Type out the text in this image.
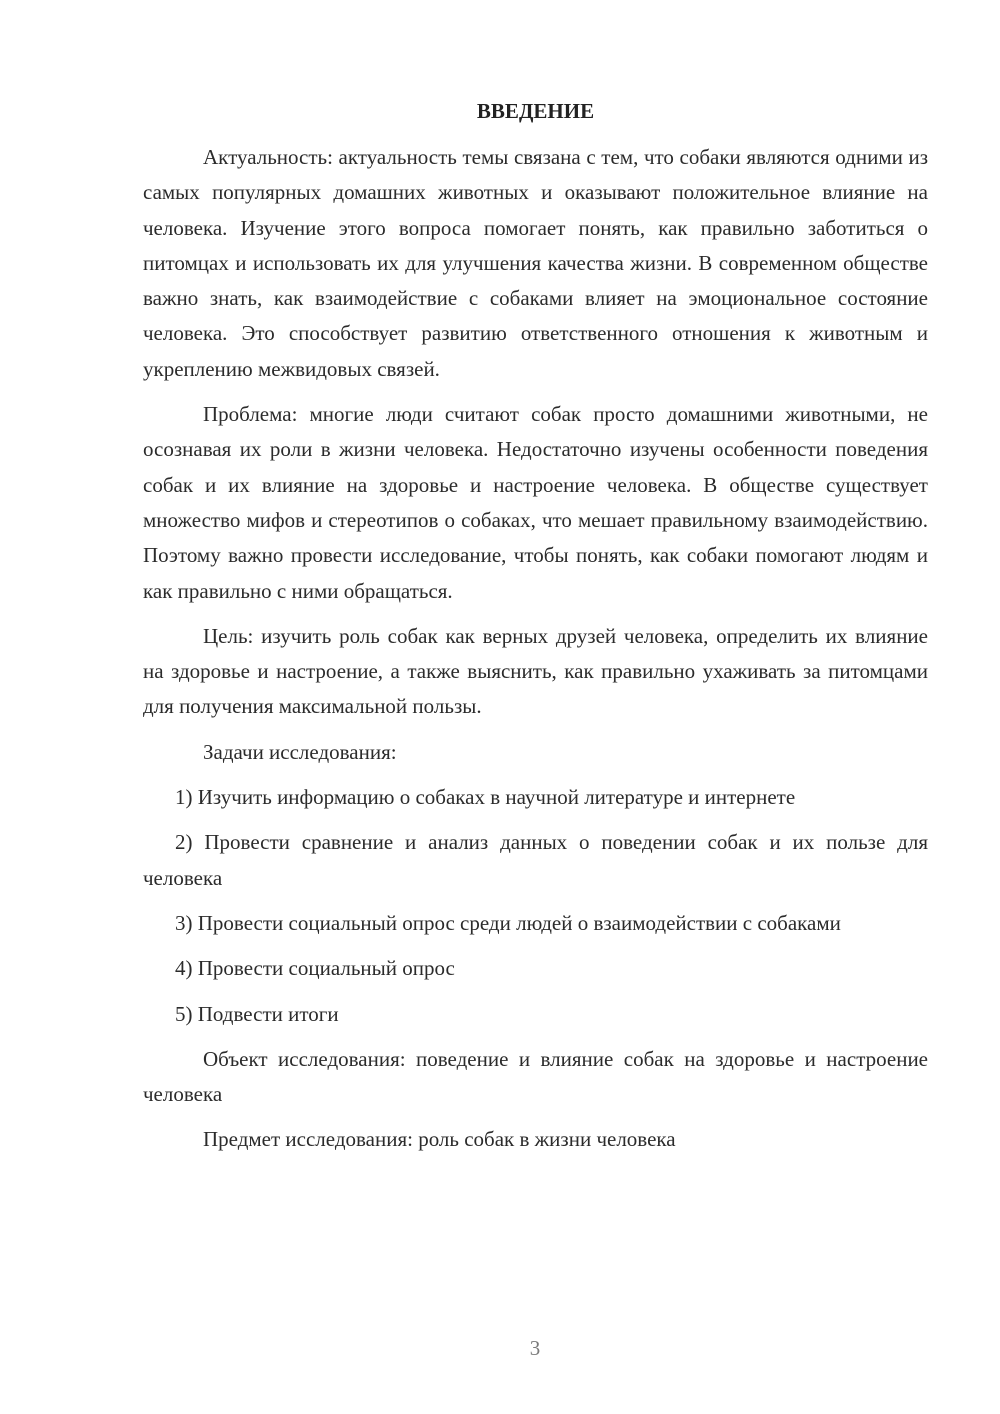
ВВЕДЕНИЕ

Актуальность: актуальность темы связана с тем, что собаки являются одними из самых популярных домашних животных и оказывают положительное влияние на человека. Изучение этого вопроса помогает понять, как правильно заботиться о питомцах и использовать их для улучшения качества жизни. В современном обществе важно знать, как взаимодействие с собаками влияет на эмоциональное состояние человека. Это способствует развитию ответственного отношения к животным и укреплению межвидовых связей.

Проблема: многие люди считают собак просто домашними животными, не осознавая их роли в жизни человека. Недостаточно изучены особенности поведения собак и их влияние на здоровье и настроение человека. В обществе существует множество мифов и стереотипов о собаках, что мешает правильному взаимодействию. Поэтому важно провести исследование, чтобы понять, как собаки помогают людям и как правильно с ними обращаться.

Цель: изучить роль собак как верных друзей человека, определить их влияние на здоровье и настроение, а также выяснить, как правильно ухаживать за питомцами для получения максимальной пользы.

Задачи исследования:

1) Изучить информацию о собаках в научной литературе и интернете

2) Провести сравнение и анализ данных о поведении собак и их пользе для человека

3) Провести социальный опрос среди людей о взаимодействии с собаками

4) Провести социальный опрос

5) Подвести итоги

Объект исследования: поведение и влияние собак на здоровье и настроение человека

Предмет исследования: роль собак в жизни человека

3
